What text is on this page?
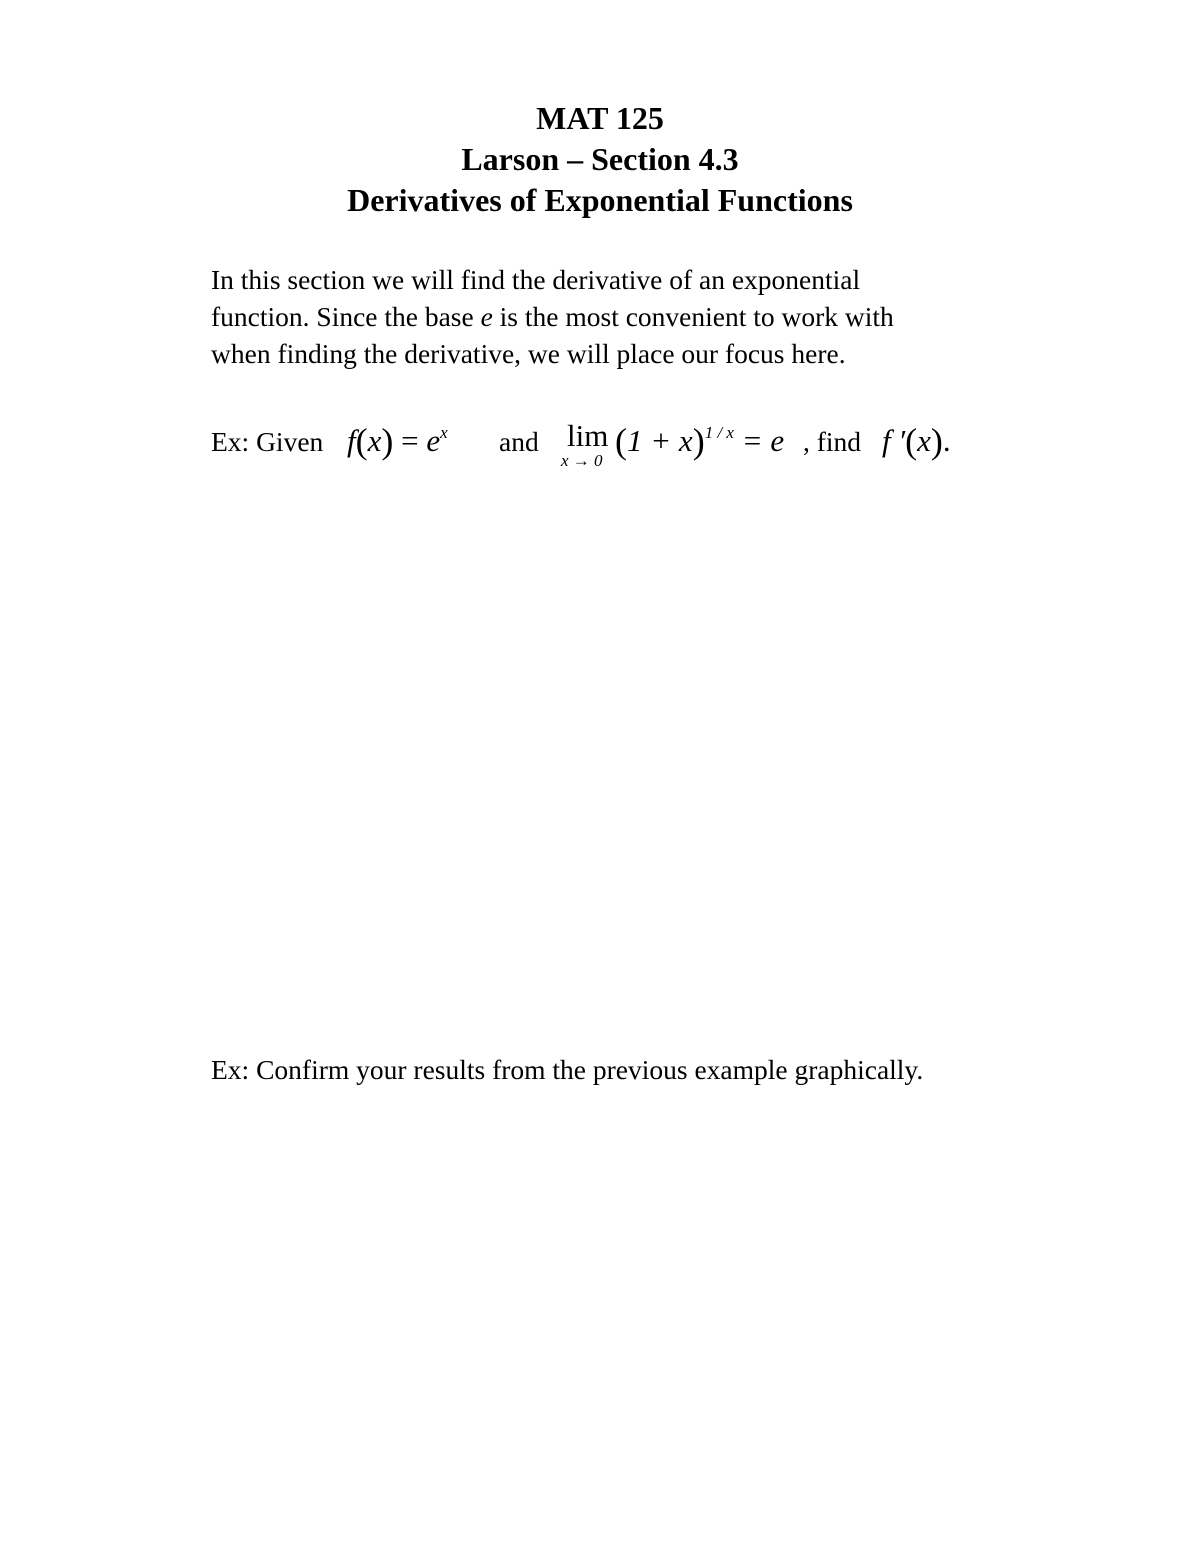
MAT 125
Larson – Section 4.3
Derivatives of Exponential Functions
In this section we will find the derivative of an exponential
function. Since the base e is the most convenient to work with
when finding the derivative, we will place our focus here.
Ex: Given $f(x) = e^x$ and lim
x → 0 $(1 + x)^{1 / x} = e$ , find f ′(x).
Ex: Confirm your results from the previous example graphically.
